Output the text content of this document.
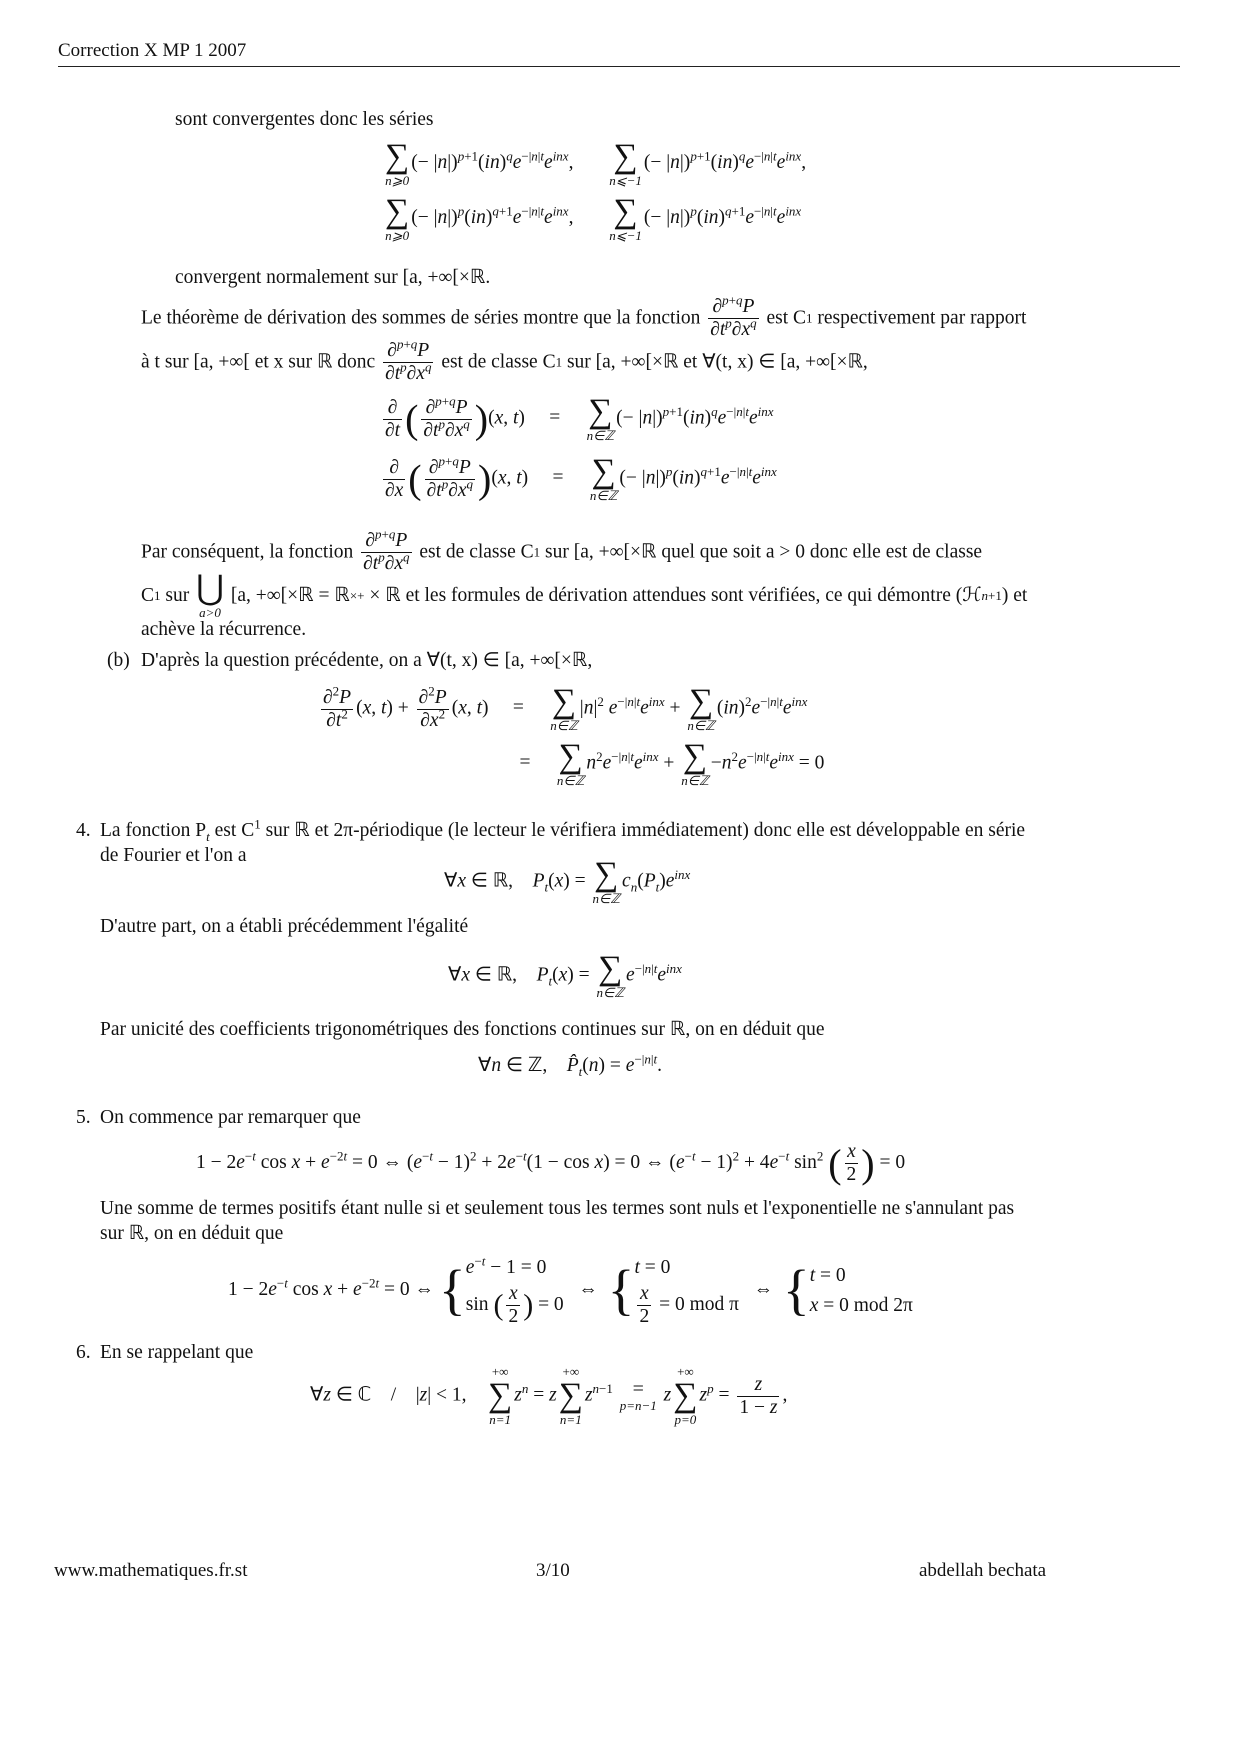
Correction X MP 1 2007
sont convergentes donc les séries
∑
n⩾0
(− $|n|)^{p+1}(in)^qe^{-|n|t}e^{inx}$, ∑
n⩽−1
(− $|n|)^{p+1}(in)^qe^{-|n|t}e^{inx}$,
∑
n⩾0
(− $|n|)^p(in)^{q+1}e^{-|n|t}e^{inx}$, ∑
n⩽−1
(− $|n|)^p(in)^{q+1}e^{-|n|t}e^{inx}$
convergent normalement sur [a, +∞[×ℝ.
Le théorème de dérivation des sommes de séries montre que la fonction $\frac{\partial^{p+q}P}{\partial t^p\partial x^q}$ est C1 respectivement par rapport
à t sur [a, +∞[ et x sur ℝ donc $\frac{\partial^{p+q}P}{\partial t^p\partial x^q}$ est de classe C1 sur [a, +∞[×ℝ et ∀(t, x) ∈ [a, +∞[×ℝ,
$\frac{\partial}{\partial t}$ ( $\frac{\partial^{p+q}P}{\partial t^p\partial x^q} )(x$, t) = ∑
n∈ℤ
(− $|n|)^{p+1}(in)^qe^{-|n|t}e^{inx}$
$\frac{\partial}{\partial x}$ ( $\frac{\partial^{p+q}P}{\partial t^p\partial x^q} )(x$, t) = ∑
n∈ℤ
(− $|n|)^p(in)^{q+1}e^{-|n|t}e^{inx}$
Par conséquent, la fonction $\frac{\partial^{p+q}P}{\partial t^p\partial x^q}$ est de classe C1 sur [a, +∞[×ℝ quel que soit a > 0 donc elle est de classe
C1 sur ⋃
a>0
[a, +∞[×ℝ = ℝ×+ × ℝ et les formules de dérivation attendues sont vérifiées, ce qui démontre (ℋn+1) et
achève la récurrence.
(b) D'après la question précédente, on a ∀(t, x) ∈ [a, +∞[×ℝ,
$\frac{\partial^2P}{\partial t^2} (x$, $t) + \frac{\partial^2P}{\partial x^2} (x$, t) = ∑
n∈ℤ
$|n|^2$ $e^{-|n|t}e^{inx}$ + ∑
n∈ℤ
$(in)^2e^{-|n|t}e^{inx}$
= ∑
n∈ℤ
$n^2e^{-|n|t}e^{inx}$ + ∑
n∈ℤ
$-n^2e^{-|n|t}e^{inx} = 0$
4. La fonction $P_t$ est $C^1$ sur ℝ et 2π-périodique (le lecteur le vérifiera immédiatement) donc elle est développable en série
de Fourier et l'on a
∀x ∈ ℝ,    $P_t(x)$ = ∑
n∈ℤ
$c_n(P_t)e^{inx}$
D'autre part, on a établi précédemment l'égalité
∀x ∈ ℝ,    $P_t(x)$ = ∑
n∈ℤ
$e^{-|n|t}e^{inx}$
Par unicité des coefficients trigonométriques des fonctions continues sur ℝ, on en déduit que
∀n ∈ ℤ,    $P̂_t(n) = e^{-|n|t}$.
5. On commence par remarquer que
$1 - 2e^{-t}$ $\cos x + e^{-2t} = 0$ ⇔ $(e^{-t} - 1)^2 + 2e^{-t}(1 - \cos x) = 0$ ⇔ $(e^{-t} - 1)^2 + 4e^{-t}$ $\sin^2$ ( $\frac{x}{2}$ ) = 0
Une somme de termes positifs étant nulle si et seulement tous les termes sont nuls et l'exponentielle ne s'annulant pas
sur ℝ, on en déduit que
$1 - 2e^{-t}$ $\cos x + e^{-2t} = 0$ ⇔ { $e^{-t} - 1 = 0$
sin ( $\frac{x}{2}$ ) = 0
⇔  { t = 0
$\frac{x}{2} = 0$ mod π
⇔  { t = 0
x = 0 mod 2π
6. En se rappelant que
∀z ∈ ℂ    /    |z| < 1,
+∞
∑
n=1
$z^n = z$
+∞
∑
n=1
$z^{n-1}$ =
p=n−1
z
+∞
∑
p=0
$z^p = \frac{z}{1 - z}$ ,
www.mathematiques.fr.st	3/10	abdellah bechata
